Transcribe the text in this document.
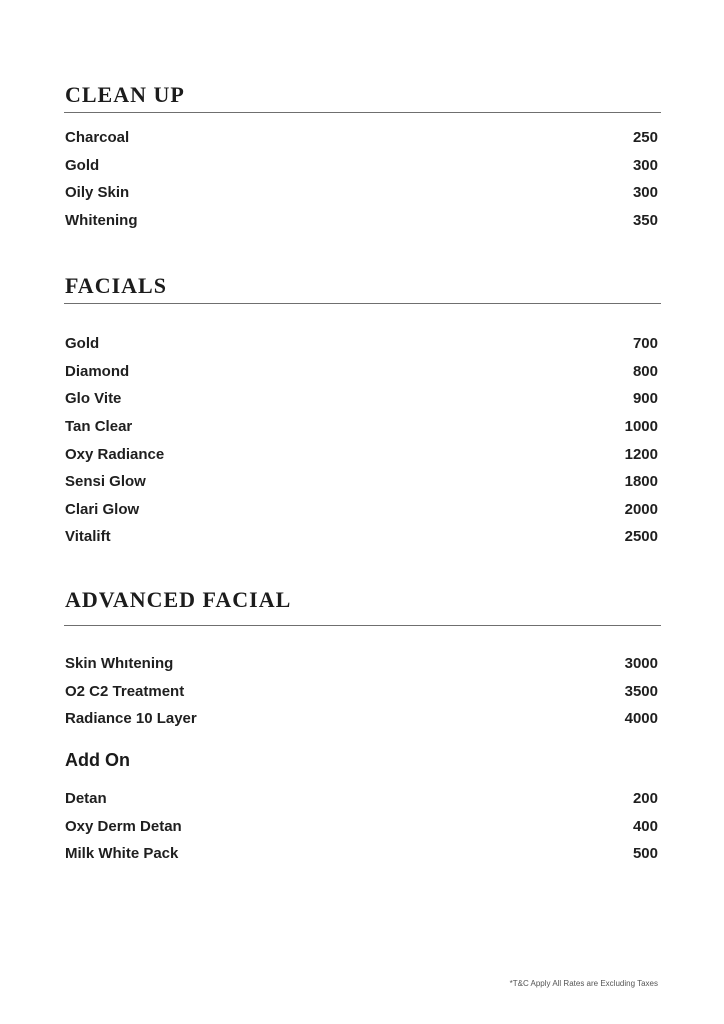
CLEAN UP
Charcoal	250
Gold	300
Oily Skin	300
Whitening	350
FACIALS
Gold	700
Diamond	800
Glo Vite	900
Tan Clear	1000
Oxy Radiance	1200
Sensi Glow	1800
Clari Glow	2000
Vitalift	2500
ADVANCED FACIAL
Skin Whıtening	3000
O2 C2 Treatment	3500
Radiance 10 Layer	4000
Add On
Detan	200
Oxy Derm Detan	400
Milk White Pack	500
*T&C Apply All Rates are Excluding Taxes
